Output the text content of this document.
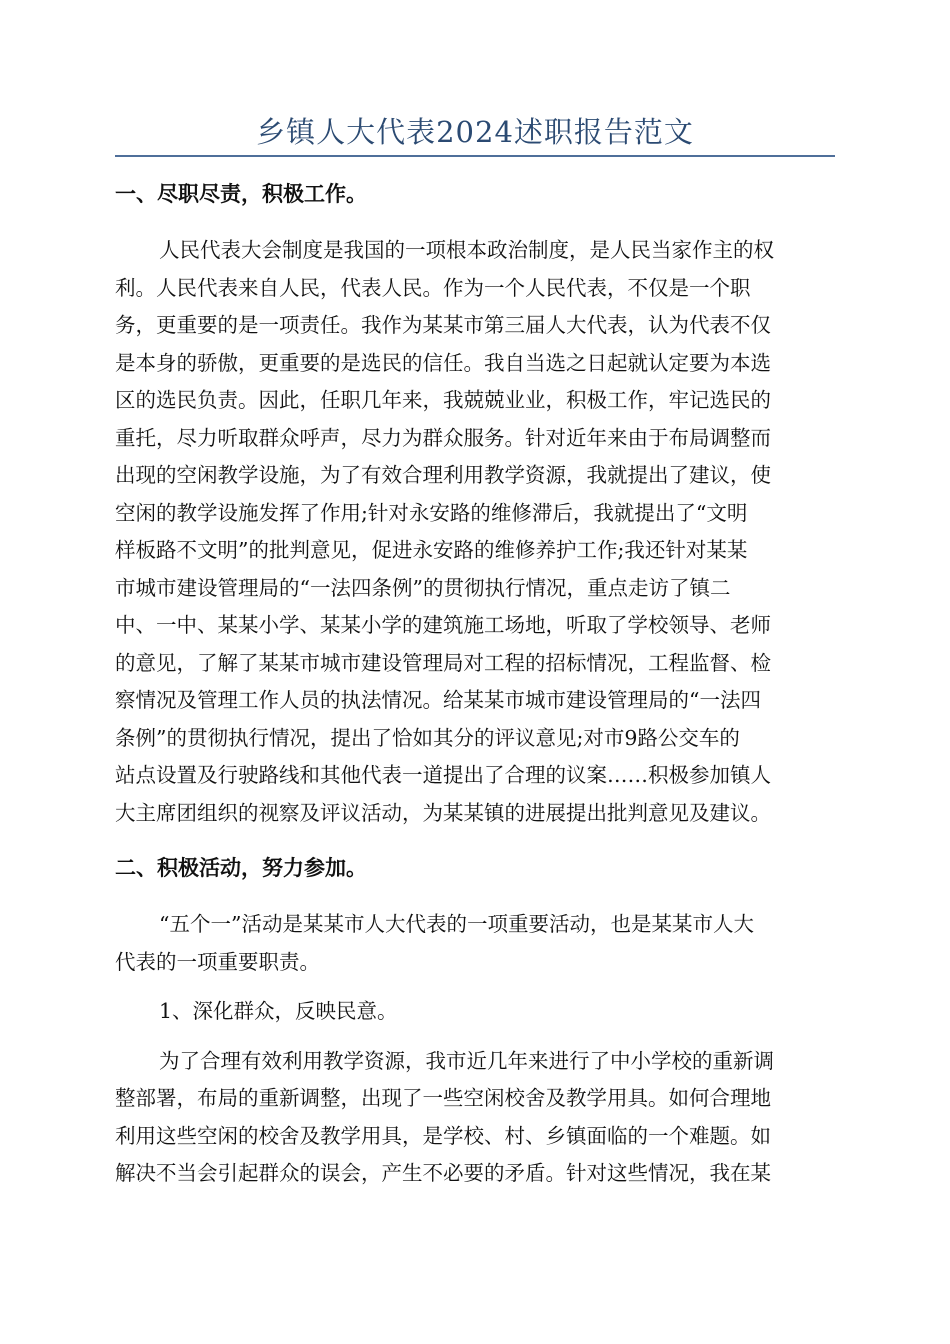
乡镇人大代表2024述职报告范文
一、尽职尽责，积极工作。
人民代表大会制度是我国的一项根本政治制度，是人民当家作主的权
利。人民代表来自人民，代表人民。作为一个人民代表，不仅是一个职
务，更重要的是一项责任。我作为某某市第三届人大代表，认为代表不仅
是本身的骄傲，更重要的是选民的信任。我自当选之日起就认定要为本选
区的选民负责。因此，任职几年来，我兢兢业业，积极工作，牢记选民的
重托，尽力听取群众呼声，尽力为群众服务。针对近年来由于布局调整而
出现的空闲教学设施，为了有效合理利用教学资源，我就提出了建议，使
空闲的教学设施发挥了作用;针对永安路的维修滞后，我就提出了“文明
样板路不文明”的批判意见，促进永安路的维修养护工作;我还针对某某
市城市建设管理局的“一法四条例”的贯彻执行情况，重点走访了镇二
中、一中、某某小学、某某小学的建筑施工场地，听取了学校领导、老师
的意见，了解了某某市城市建设管理局对工程的招标情况，工程监督、检
察情况及管理工作人员的执法情况。给某某市城市建设管理局的“一法四
条例”的贯彻执行情况，提出了恰如其分的评议意见;对市9路公交车的
站点设置及行驶路线和其他代表一道提出了合理的议案……积极参加镇人
大主席团组织的视察及评议活动，为某某镇的进展提出批判意见及建议。
二、积极活动，努力参加。
“五个一”活动是某某市人大代表的一项重要活动，也是某某市人大
代表的一项重要职责。
1、深化群众，反映民意。
为了合理有效利用教学资源，我市近几年来进行了中小学校的重新调
整部署，布局的重新调整，出现了一些空闲校舍及教学用具。如何合理地
利用这些空闲的校舍及教学用具，是学校、村、乡镇面临的一个难题。如
解决不当会引起群众的误会，产生不必要的矛盾。针对这些情况，我在某
